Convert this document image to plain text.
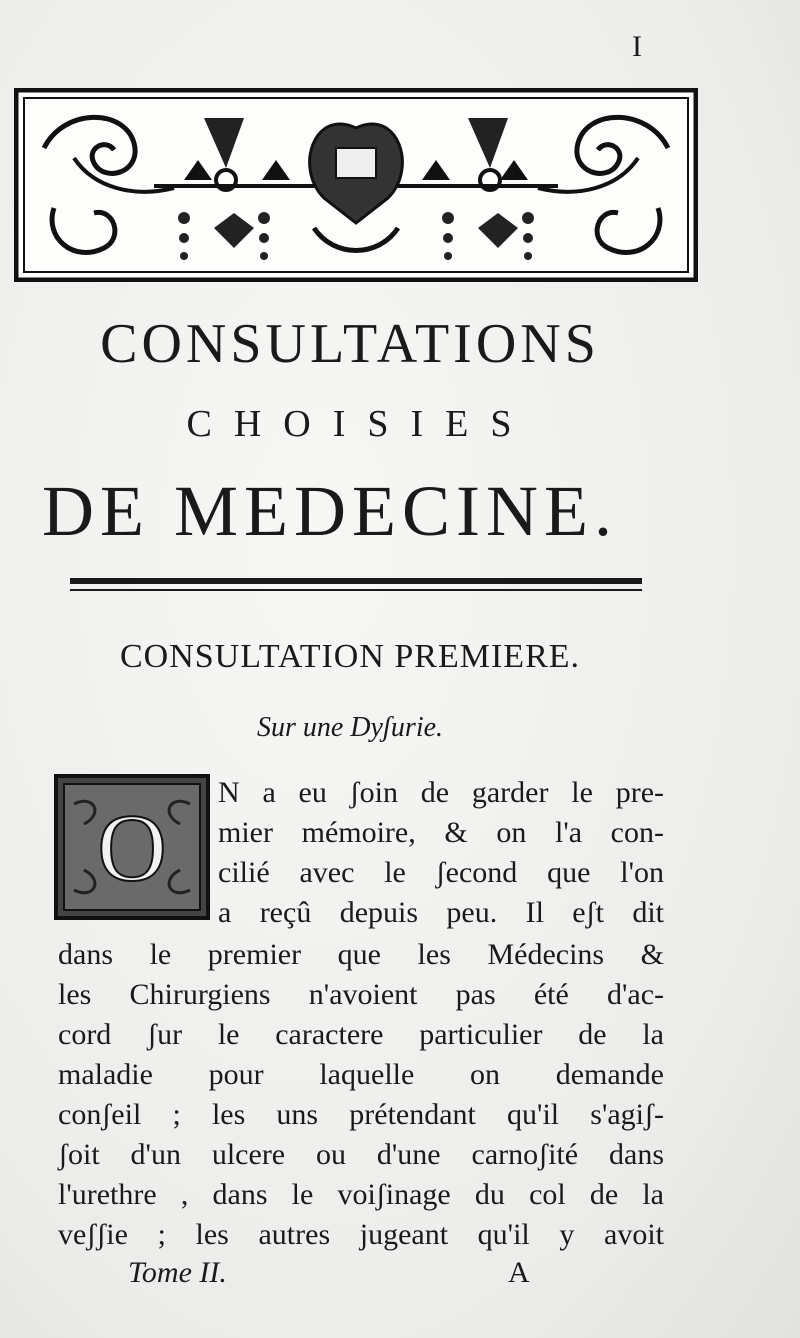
I
CONSULTATIONS
CHOISIES
DE MEDECINE.
CONSULTATION PREMIERE.
Sur une Dyʃurie.
O
N a eu ʃoin de garder le pre-
mier mémoire, & on l'a con-
cilié avec le ʃecond que l'on
a reçû depuis peu. Il eʃt dit
dans le premier que les Médecins &
les Chirurgiens n'avoient pas été d'ac-
cord ʃur le caractere particulier de la
maladie pour laquelle on demande
conʃeil ; les uns prétendant qu'il s'agiʃ-
ʃoit d'un ulcere ou d'une carnoʃité dans
l'urethre , dans le voiʃinage du col de la
veʃʃie ; les autres jugeant qu'il y avoit
Tome II.	A
